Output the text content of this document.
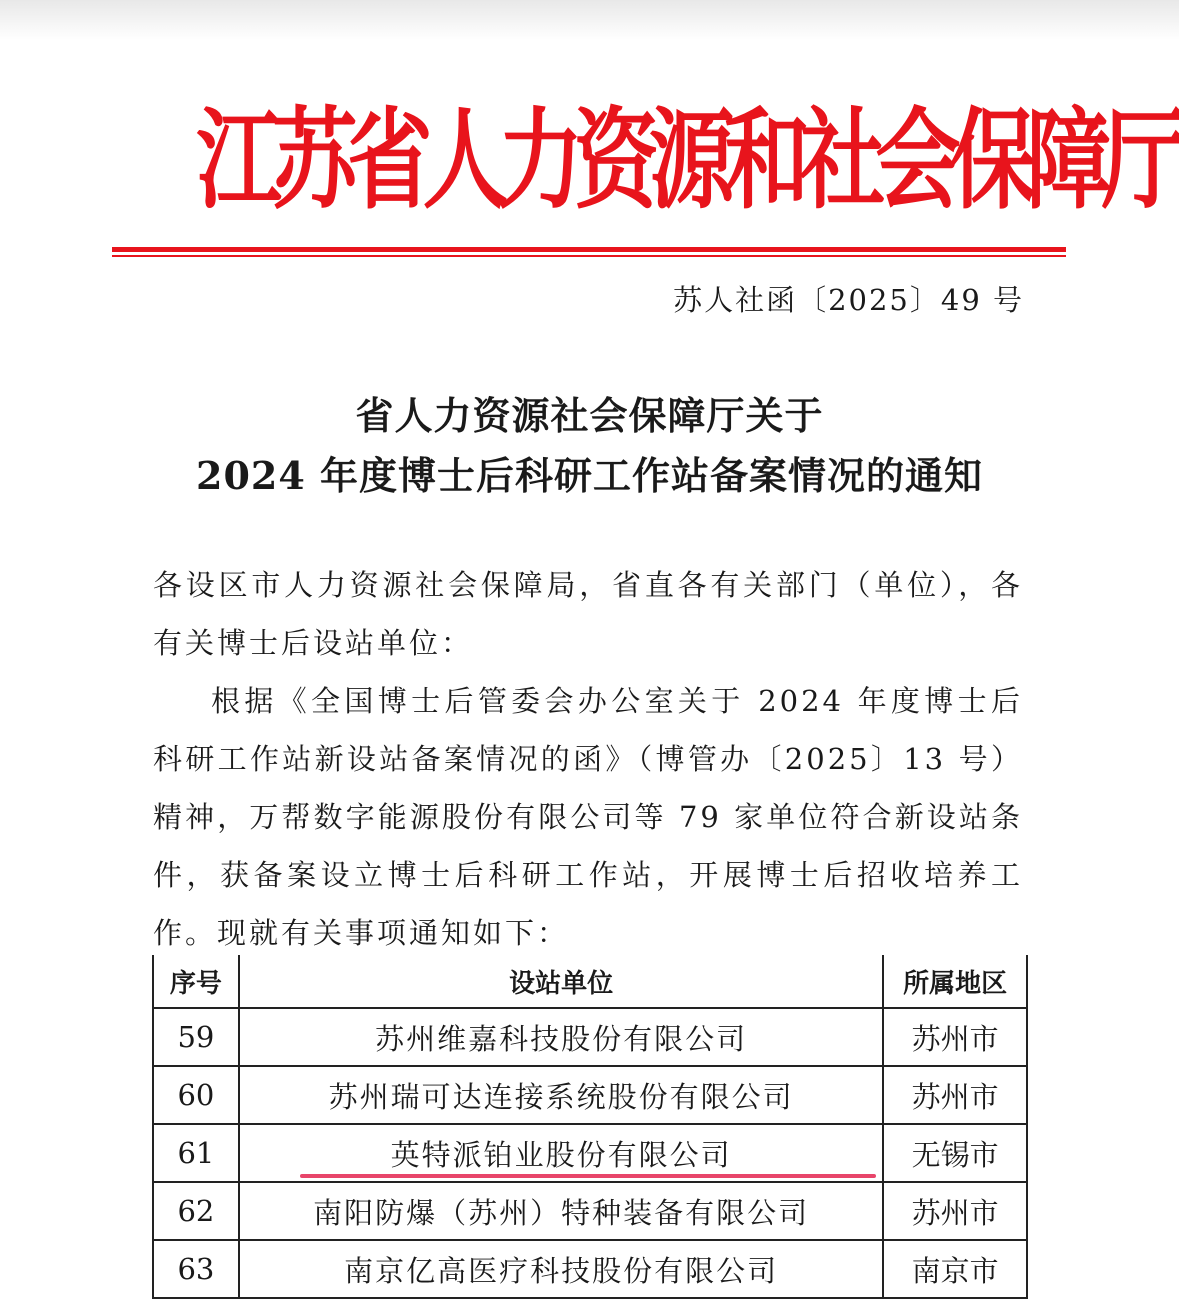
江苏省人力资源和社会保障厅
苏人社函〔2025〕49 号
省人力资源社会保障厅关于
2024 年度博士后科研工作站备案情况的通知
各设区市人力资源社会保障局，省直各有关部门（单位），各有关博士后设站单位：
根据《全国博士后管委会办公室关于 2024 年度博士后科研工作站新设站备案情况的函》（博管办〔2025〕13 号）精神，万帮数字能源股份有限公司等 79 家单位符合新设站条件，获备案设立博士后科研工作站，开展博士后招收培养工作。现就有关事项通知如下：
序号	设站单位	所属地区
59	苏州维嘉科技股份有限公司	苏州市
60	苏州瑞可达连接系统股份有限公司	苏州市
61	英特派铂业股份有限公司	无锡市
62	南阳防爆（苏州）特种装备有限公司	苏州市
63	南京亿高医疗科技股份有限公司	南京市
